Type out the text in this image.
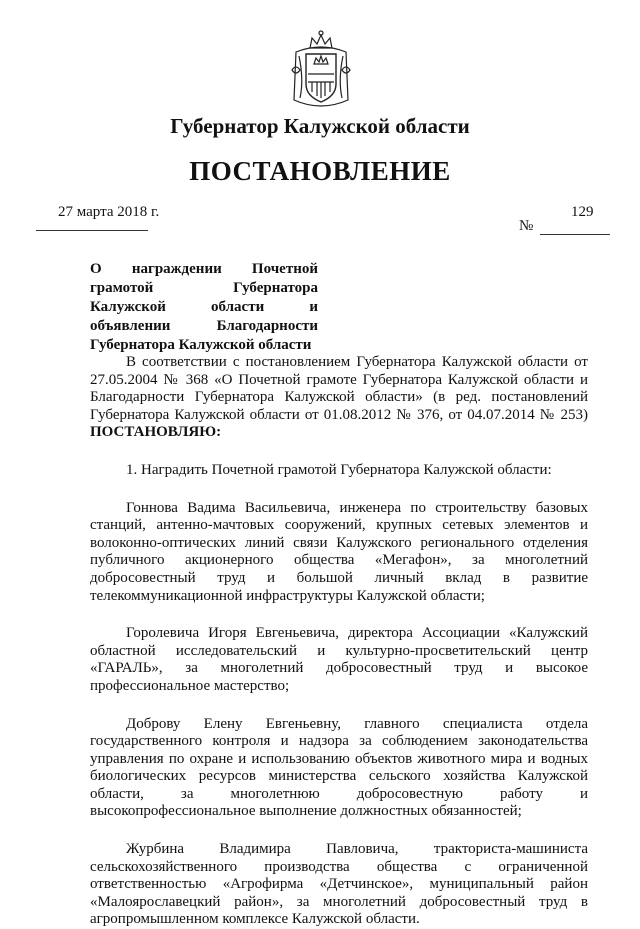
Губернатор Калужской области
ПОСТАНОВЛЕНИЕ
27 марта 2018 г.	129
№
О награждении Почетной грамотой Губернатора Калужской области и объявлении Благодарности Губернатора Калужской области

В соответствии с постановлением Губернатора Калужской области от 27.05.2004 № 368 «О Почетной грамоте Губернатора Калужской области и Благодарности Губернатора Калужской области» (в ред. постановлений Губернатора Калужской области от 01.08.2012 № 376, от 04.07.2014 № 253) ПОСТАНОВЛЯЮ:

1. Наградить Почетной грамотой Губернатора Калужской области:

Гоннова Вадима Васильевича, инженера по строительству базовых станций, антенно-мачтовых сооружений, крупных сетевых элементов и волоконно-оптических линий связи Калужского регионального отделения публичного акционерного общества «Мегафон», за многолетний добросовестный труд и большой личный вклад в развитие телекоммуникационной инфраструктуры Калужской области;

Горолевича Игоря Евгеньевича, директора Ассоциации «Калужский областной исследовательский и культурно-просветительский центр «ГАРАЛЬ», за многолетний добросовестный труд и высокое профессиональное мастерство;

Доброву Елену Евгеньевну, главного специалиста отдела государственного контроля и надзора за соблюдением законодательства управления по охране и использованию объектов животного мира и водных биологических ресурсов министерства сельского хозяйства Калужской области, за многолетнюю добросовестную работу и высокопрофессиональное выполнение должностных обязанностей;

Журбина Владимира Павловича, тракториста-машиниста сельскохозяйственного производства общества с ограниченной ответственностью «Агрофирма «Детчинское», муниципальный район «Малоярославецкий район», за многолетний добросовестный труд в агропромышленном комплексе Калужской области.
